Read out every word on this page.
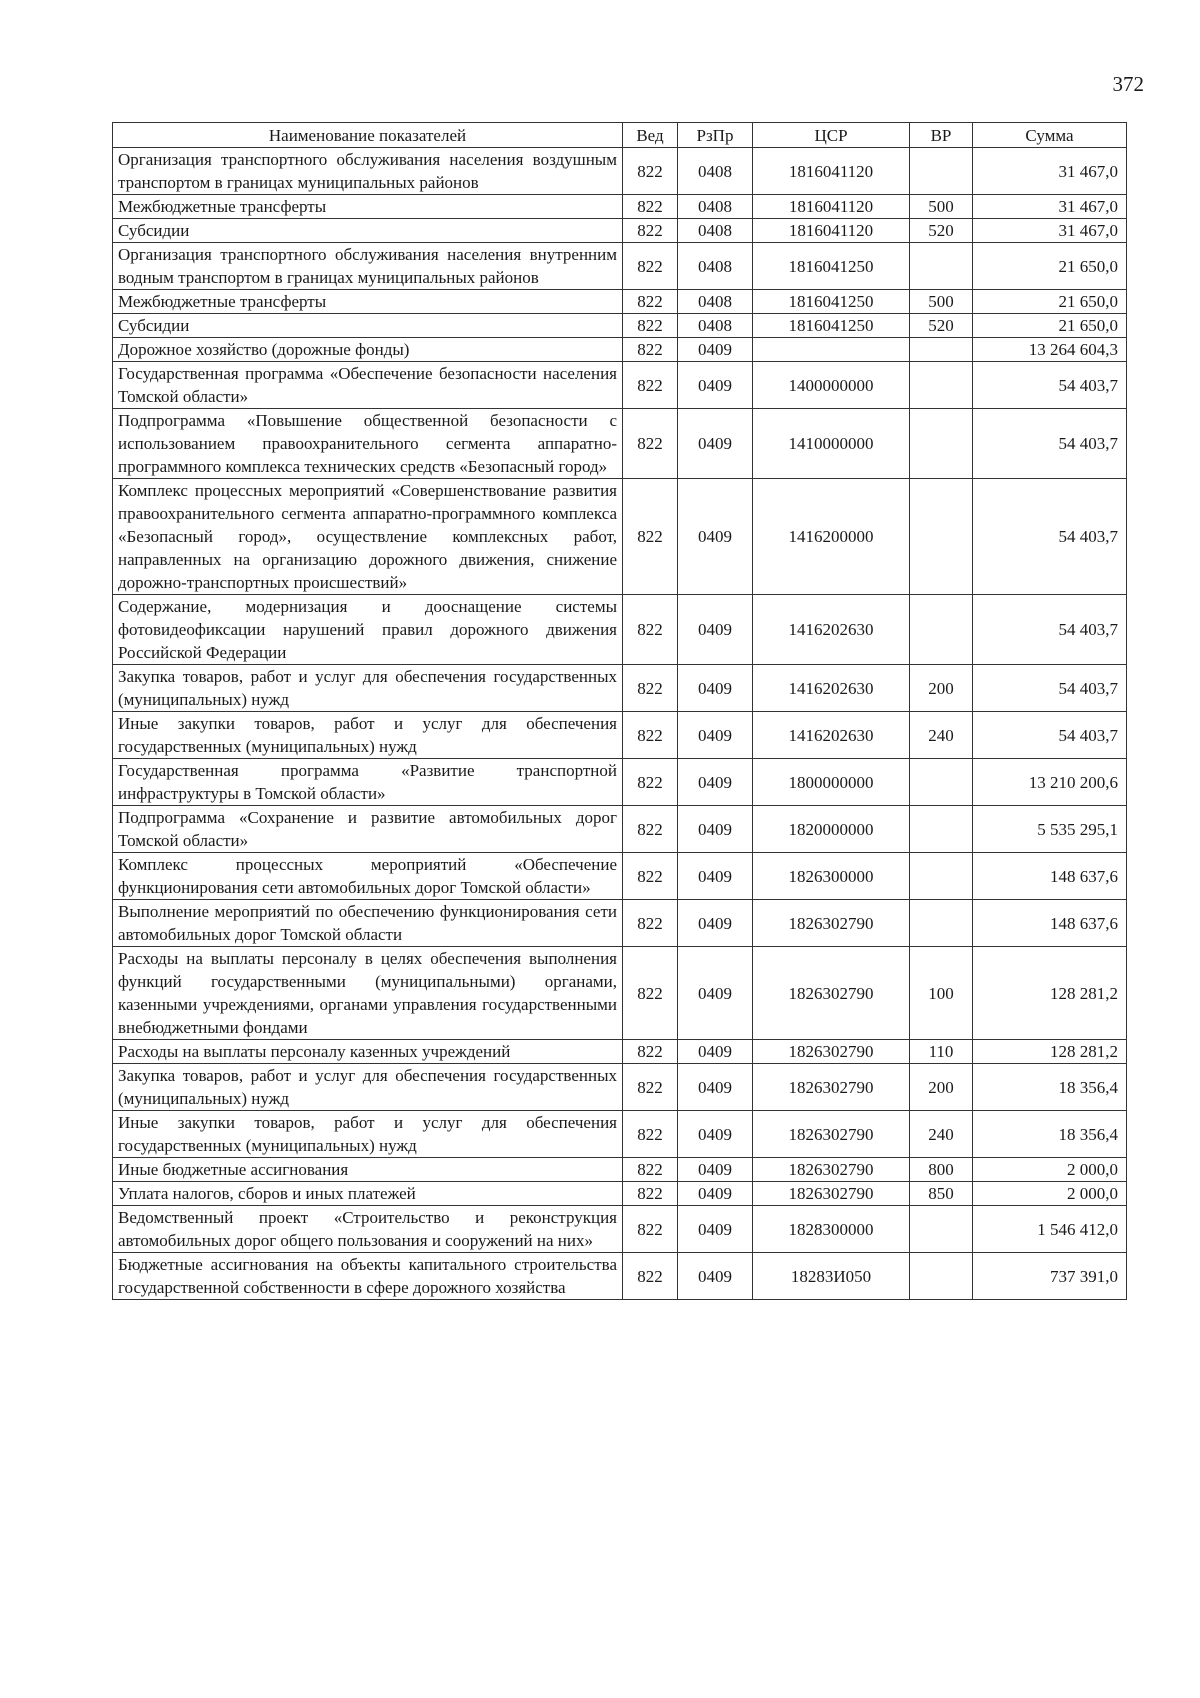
372
Наименование показателей	Вед	РзПр	ЦСР	ВР	Сумма
Организация транспортного обслуживания населения воздушным транспортом в границах муниципальных районов	822	0408	1816041120		31 467,0
Межбюджетные трансферты	822	0408	1816041120	500	31 467,0
Субсидии	822	0408	1816041120	520	31 467,0
Организация транспортного обслуживания населения внутренним водным транспортом в границах муниципальных районов	822	0408	1816041250		21 650,0
Межбюджетные трансферты	822	0408	1816041250	500	21 650,0
Субсидии	822	0408	1816041250	520	21 650,0
Дорожное хозяйство (дорожные фонды)	822	0409			13 264 604,3
Государственная программа «Обеспечение безопасности населения Томской области»	822	0409	1400000000		54 403,7
Подпрограмма «Повышение общественной безопасности с использованием правоохранительного сегмента аппаратно-программного комплекса технических средств «Безопасный город»	822	0409	1410000000		54 403,7
Комплекс процессных мероприятий «Совершенствование развития правоохранительного сегмента аппаратно-программного комплекса «Безопасный город», осуществление комплексных работ, направленных на организацию дорожного движения, снижение дорожно-транспортных происшествий»	822	0409	1416200000		54 403,7
Содержание, модернизация и дооснащение системы фотовидеофиксации нарушений правил дорожного движения Российской Федерации	822	0409	1416202630		54 403,7
Закупка товаров, работ и услуг для обеспечения государственных (муниципальных) нужд	822	0409	1416202630	200	54 403,7
Иные закупки товаров, работ и услуг для обеспечения государственных (муниципальных) нужд	822	0409	1416202630	240	54 403,7
Государственная программа «Развитие транспортной инфраструктуры в Томской области»	822	0409	1800000000		13 210 200,6
Подпрограмма «Сохранение и развитие автомобильных дорог Томской области»	822	0409	1820000000		5 535 295,1
Комплекс процессных мероприятий «Обеспечение функционирования сети автомобильных дорог Томской области»	822	0409	1826300000		148 637,6
Выполнение мероприятий по обеспечению функционирования сети автомобильных дорог Томской области	822	0409	1826302790		148 637,6
Расходы на выплаты персоналу в целях обеспечения выполнения функций государственными (муниципальными) органами, казенными учреждениями, органами управления государственными внебюджетными фондами	822	0409	1826302790	100	128 281,2
Расходы на выплаты персоналу казенных учреждений	822	0409	1826302790	110	128 281,2
Закупка товаров, работ и услуг для обеспечения государственных (муниципальных) нужд	822	0409	1826302790	200	18 356,4
Иные закупки товаров, работ и услуг для обеспечения государственных (муниципальных) нужд	822	0409	1826302790	240	18 356,4
Иные бюджетные ассигнования	822	0409	1826302790	800	2 000,0
Уплата налогов, сборов и иных платежей	822	0409	1826302790	850	2 000,0
Ведомственный проект «Строительство и реконструкция автомобильных дорог общего пользования и сооружений на них»	822	0409	1828300000		1 546 412,0
Бюджетные ассигнования на объекты капитального строительства государственной собственности в сфере дорожного хозяйства	822	0409	18283И050		737 391,0
